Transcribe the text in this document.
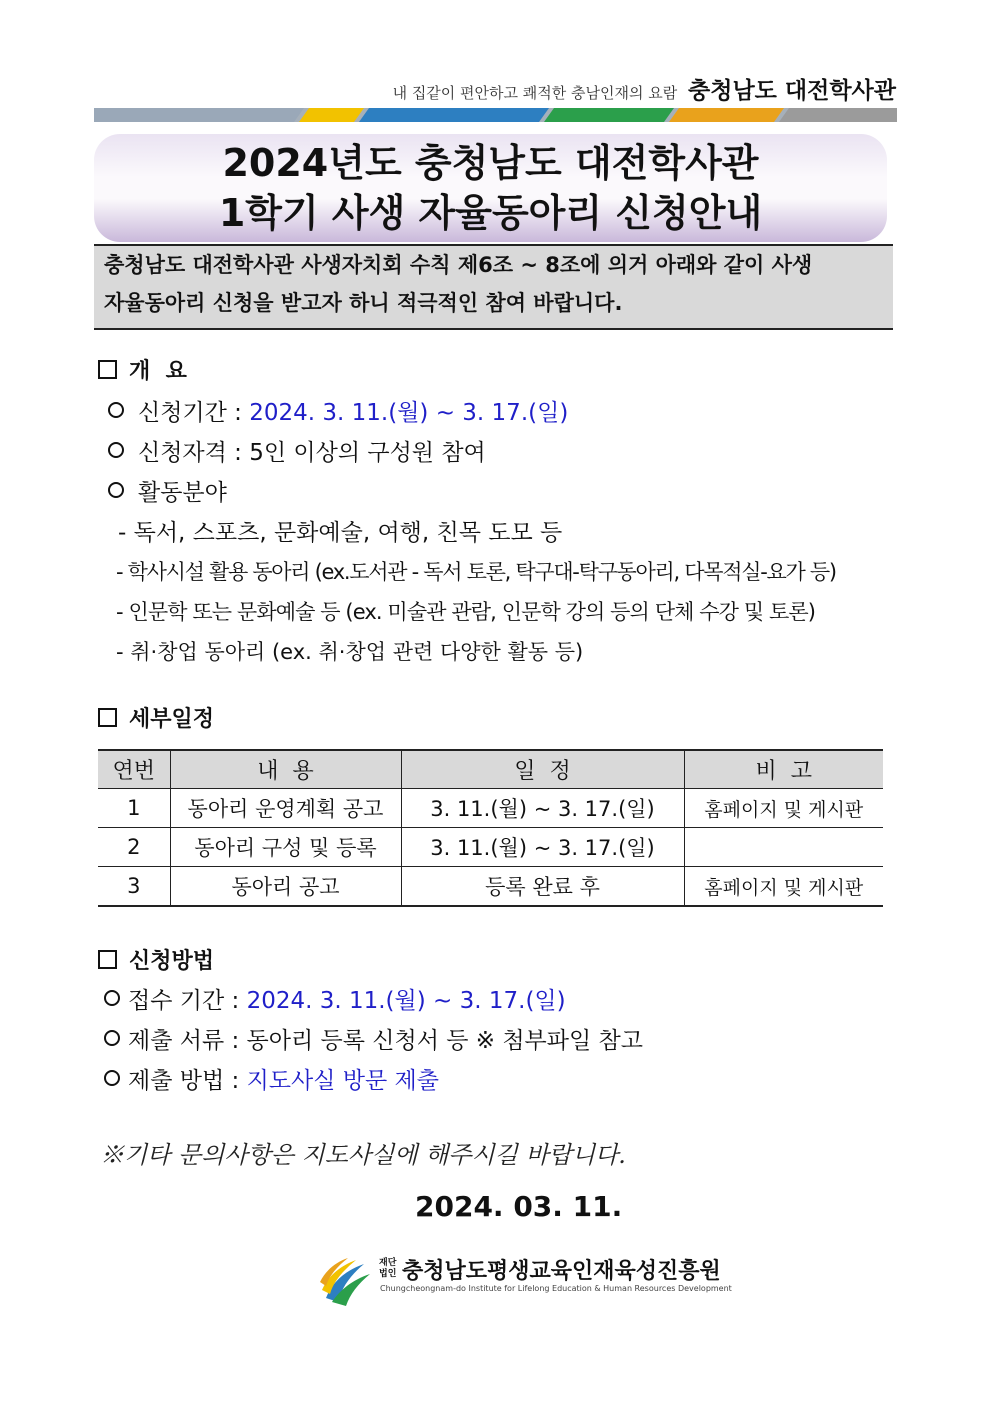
내 집같이 편안하고 쾌적한 충남인재의 요람 충청남도 대전학사관
2024년도 충청남도 대전학사관
1학기 사생 자율동아리 신청안내
충청남도 대전학사관 사생자치회 수칙 제6조 ~ 8조에 의거 아래와 같이 사생
자율동아리 신청을 받고자 하니 적극적인 참여 바랍니다.
개  요
신청기간 : 2024. 3. 11.(월) ~ 3. 17.(일)
신청자격 : 5인 이상의 구성원 참여
활동분야
- 독서, 스포츠, 문화예술, 여행, 친목 도모 등
- 학사시설 활용 동아리 (ex.도서관 - 독서 토론, 탁구대-탁구동아리, 다목적실-요가 등)
- 인문학 또는 문화예술 등 (ex. 미술관 관람, 인문학 강의 등의 단체 수강 및 토론)
- 취·창업 동아리 (ex. 취·창업 관련 다양한 활동 등)
세부일정
연번	내  용	일  정	비  고
1	동아리 운영계획 공고	3. 11.(월) ~ 3. 17.(일)	홈페이지 및 게시판
2	동아리 구성 및 등록	3. 11.(월) ~ 3. 17.(일)	
3	동아리 공고	등록 완료 후	홈페이지 및 게시판
신청방법
접수 기간 : 2024. 3. 11.(월) ~ 3. 17.(일)
제출 서류 : 동아리 등록 신청서 등 ※ 첨부파일 참고
제출 방법 : 지도사실 방문 제출
※기타 문의사항은 지도사실에 해주시길 바랍니다.
2024. 03. 11.
재단
법인 충청남도평생교육인재육성진흥원
Chungcheongnam-do Institute for Lifelong Education & Human Resources Development
